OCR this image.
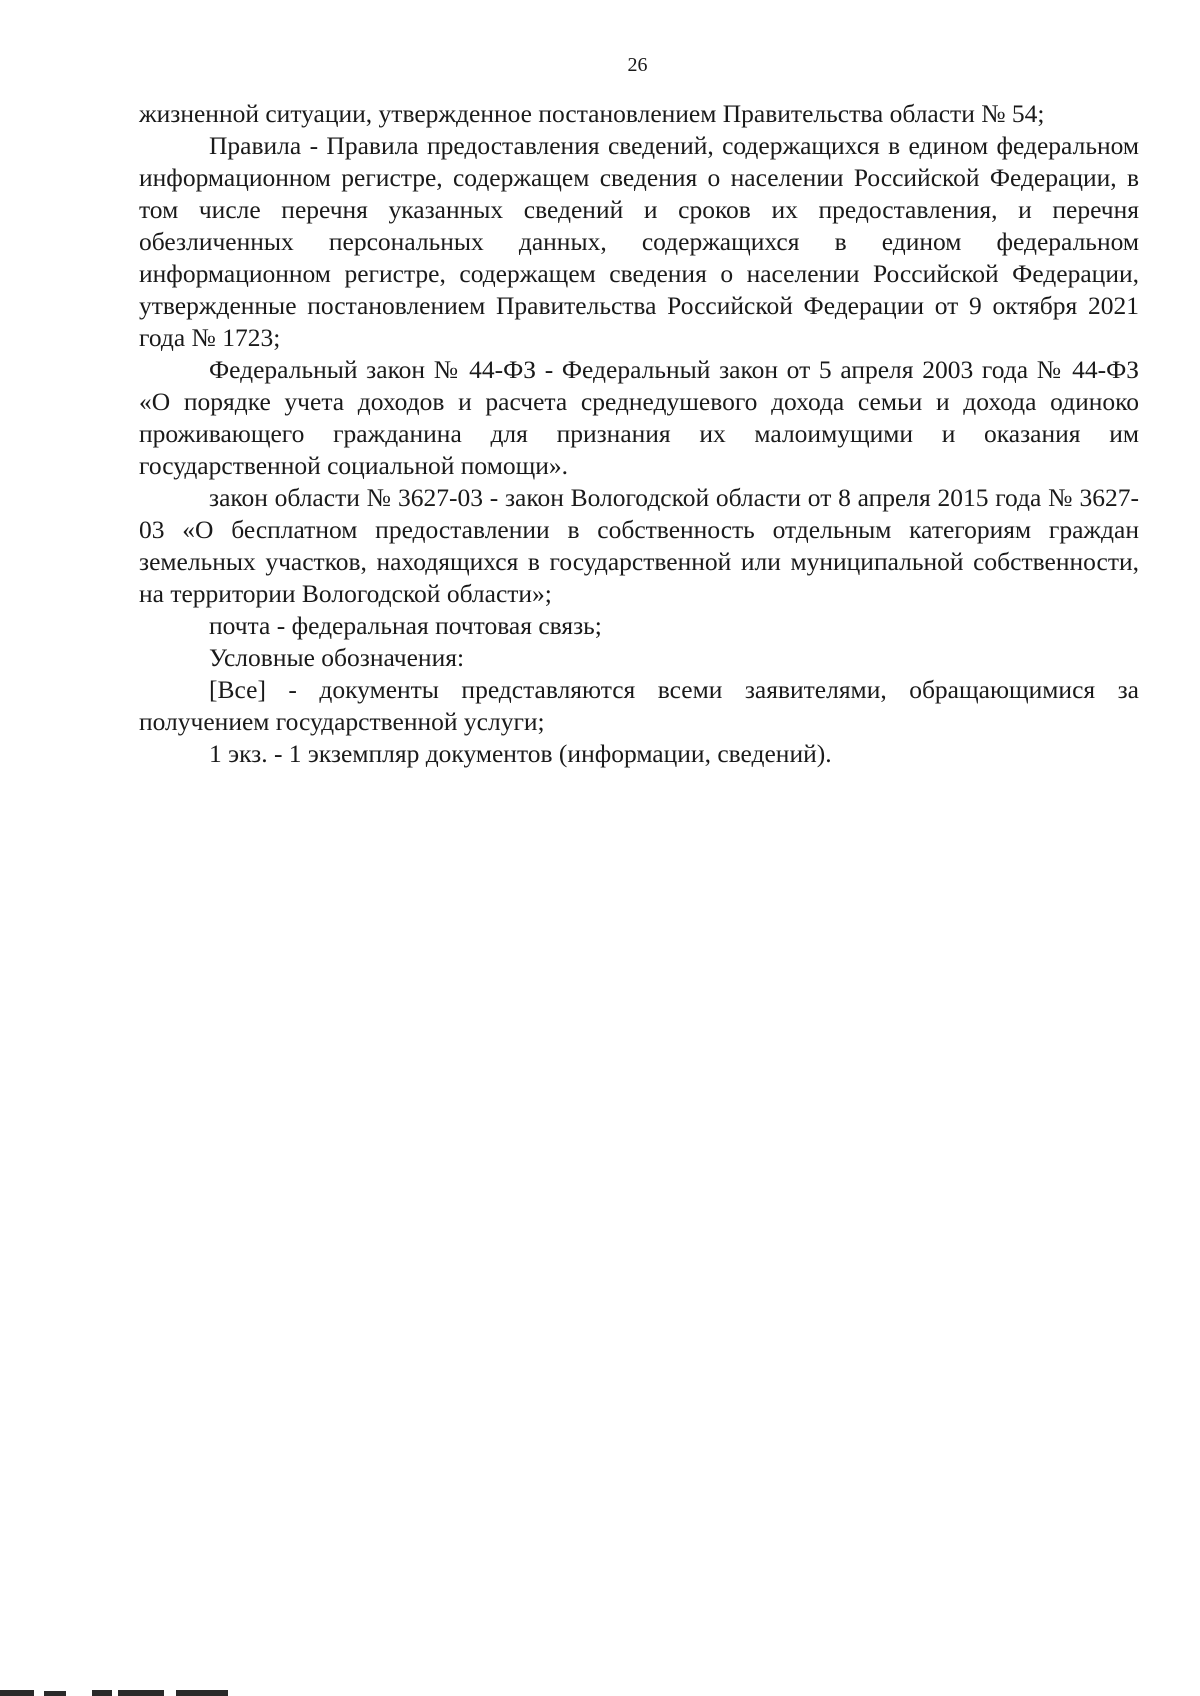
26

жизненной ситуации, утвержденное постановлением Правительства области № 54;

Правила - Правила предоставления сведений, содержащихся в едином федеральном информационном регистре, содержащем сведения о населении Российской Федерации, в том числе перечня указанных сведений и сроков их предоставления, и перечня обезличенных персональных данных, содержащихся в едином федеральном информационном регистре, содержащем сведения о населении Российской Федерации, утвержденные постановлением Правительства Российской Федерации от 9 октября 2021 года № 1723;

Федеральный закон № 44-ФЗ - Федеральный закон от 5 апреля 2003 года № 44-ФЗ «О порядке учета доходов и расчета среднедушевого дохода семьи и дохода одиноко проживающего гражданина для признания их малоимущими и оказания им государственной социальной помощи».

закон области № 3627-03 - закон Вологодской области от 8 апреля 2015 года № 3627-03 «О бесплатном предоставлении в собственность отдельным категориям граждан земельных участков, находящихся в государственной или муниципальной собственности, на территории Вологодской области»;

почта - федеральная почтовая связь;

Условные обозначения:

[Все] - документы представляются всеми заявителями, обращающимися за получением государственной услуги;

1 экз. - 1 экземпляр документов (информации, сведений).
